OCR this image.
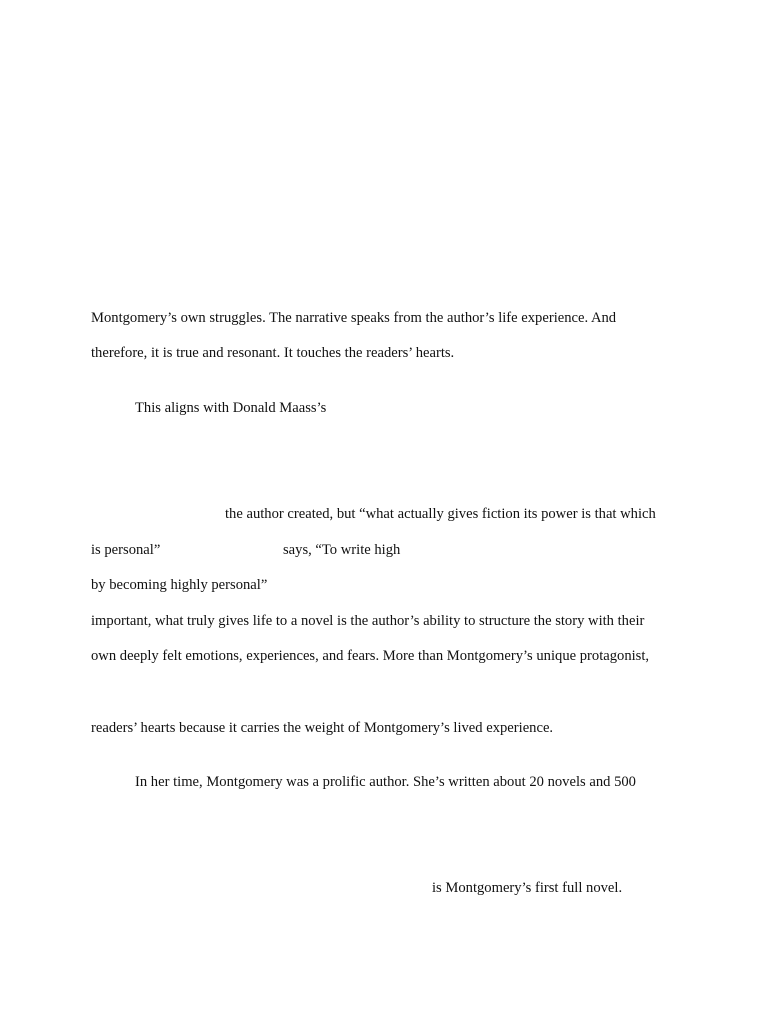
Montgomery’s own struggles. The narrative speaks from the author’s life experience. And
therefore, it is true and resonant. It touches the readers’ hearts.
This aligns with Donald Maass’s
the author created, but “what actually gives fiction its power is that which
is personal”	says, “To write high
by becoming highly personal”
important, what truly gives life to a novel is the author’s ability to structure the story with their
own deeply felt emotions, experiences, and fears. More than Montgomery’s unique protagonist,
readers’ hearts because it carries the weight of Montgomery’s lived experience.
In her time, Montgomery was a prolific author. She’s written about 20 novels and 500
is Montgomery’s first full novel.
